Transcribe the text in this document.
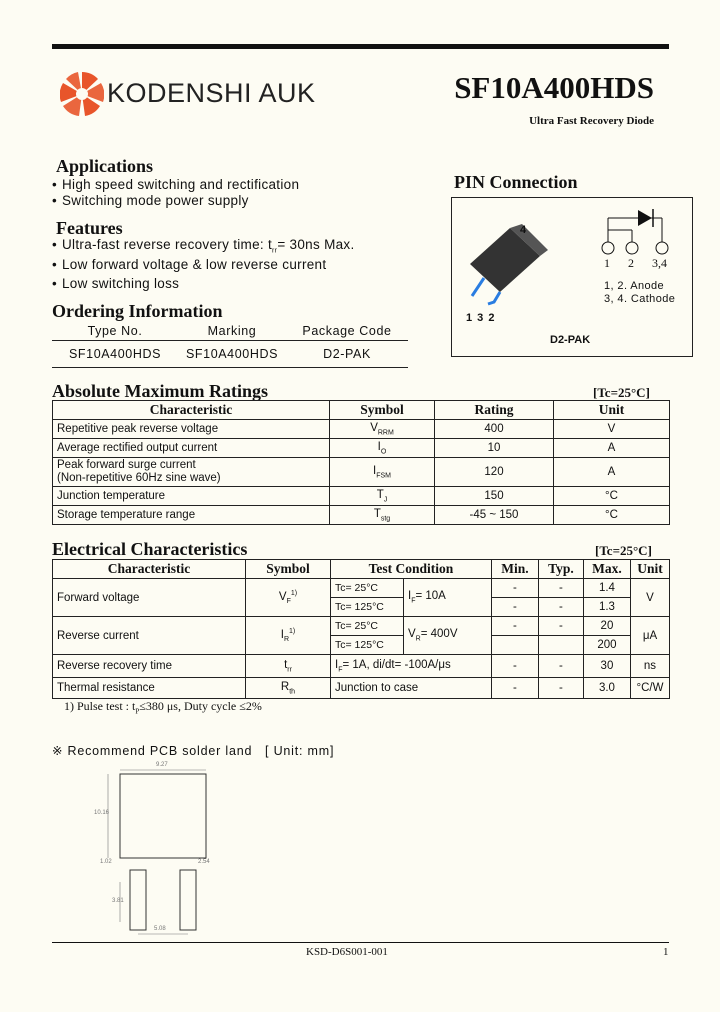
KODENSHI AUK	SF10A400HDS
Ultra Fast Recovery Diode
Applications
• High speed switching and rectification
• Switching mode power supply
Features
• Ultra-fast reverse recovery time: $t_{rr}= 30ns$ Max.
• Low forward voltage & low reverse current
• Low switching loss
Ordering Information
Type No.	Marking	Package Code
SF10A400HDS	SF10A400HDS	D2-PAK
PIN Connection
4
1 3 2
1 2 3,4
1, 2. Anode
3, 4. Cathode
D2-PAK
Absolute Maximum Ratings	[Tc=25°C]
Characteristic	Symbol	Rating	Unit
Repetitive peak reverse voltage	$V_{RRM}$	400	V
Average rectified output current	$I_O$	10	A
Peak forward surge current
(Non-repetitive 60Hz sine wave)	$I_{FSM}$	120	A
Junction temperature	$T_J$	150	°C
Storage temperature range	$T_{stg}$	-45 ~ 150	°C
Electrical Characteristics	[Tc=25°C]
Characteristic	Symbol	Test Condition		Min.	Typ.	Max.	Unit
Forward voltage	$V_F^{1)}$	Tc= 25°C	$I_F= 10A$	-	-	1.4	V
		Tc= 125°C		-	-	1.3	
Reverse current	$I_R^{1)}$	Tc= 25°C	$V_R= 400V$	-	-	20	μA
		Tc= 125°C				200	
Reverse recovery time	$t_{rr}$	$I_F= 1A$, di/dt= -100A/μs		-	-	30	ns
Thermal resistance	$R_{th}$	Junction to case		-	-	3.0	°C/W
1) Pulse test : $t_P\le 380$ μs, Duty cycle ≤2%
※ Recommend PCB solder land   [ Unit: mm]
9.27
10.16
1.02	2.54
3.81
5.08
KSD-D6S001-001	1
